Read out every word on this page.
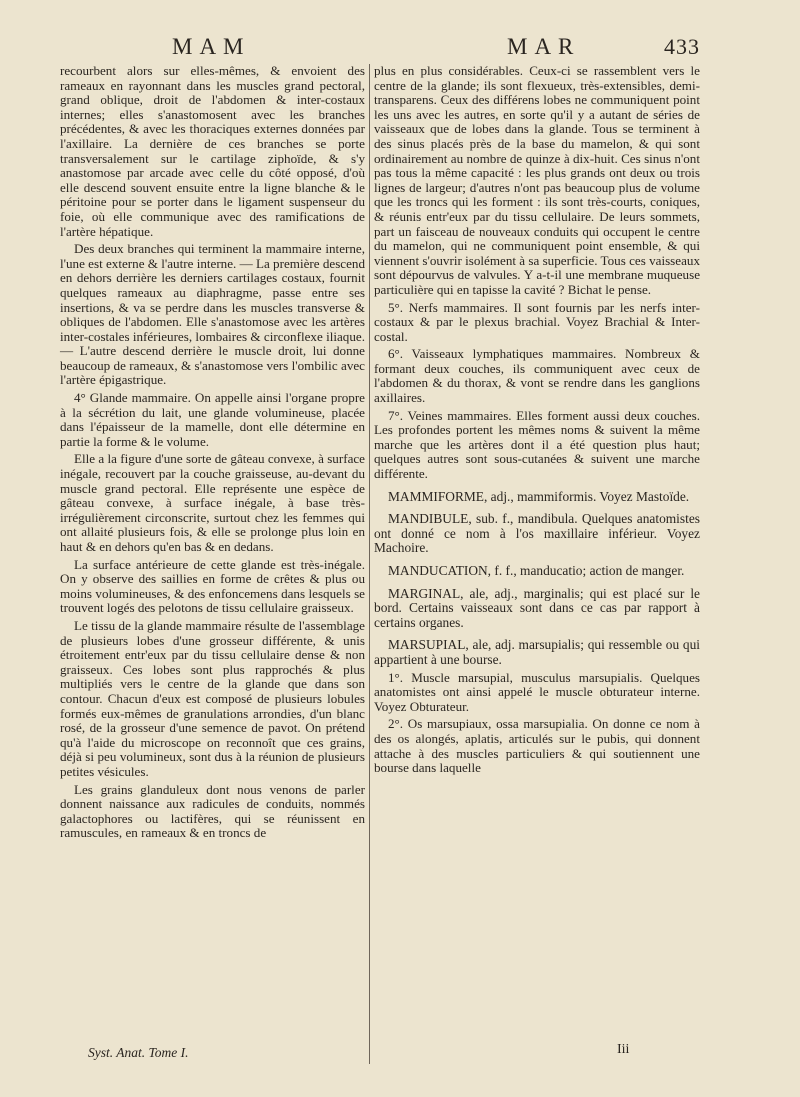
MAM	MAR	433

recourbent alors sur elles-mêmes, & envoient des rameaux en rayonnant dans les muscles grand pectoral, grand oblique, droit de l'abdomen & inter-costaux internes; elles s'anastomosent avec les branches précédentes, & avec les thoraciques externes données par l'axillaire. La dernière de ces branches se porte transversalement sur le cartilage ziphoïde, & s'y anastomose par arcade avec celle du côté opposé, d'où elle descend souvent ensuite entre la ligne blanche & le péritoine pour se porter dans le ligament suspenseur du foie, où elle communique avec des ramifications de l'artère hépatique.

Des deux branches qui terminent la mammaire interne, l'une est externe & l'autre interne. — La première descend en dehors derrière les derniers cartilages costaux, fournit quelques rameaux au diaphragme, passe entre ses insertions, & va se perdre dans les muscles transverse & obliques de l'abdomen. Elle s'anastomose avec les artères inter-costales inférieures, lombaires & circonflexe iliaque. — L'autre descend derrière le muscle droit, lui donne beaucoup de rameaux, & s'anastomose vers l'ombilic avec l'artère épigastrique.

4° Glande mammaire. On appelle ainsi l'organe propre à la sécrétion du lait, une glande volumineuse, placée dans l'épaisseur de la mamelle, dont elle détermine en partie la forme & le volume.

Elle a la figure d'une sorte de gâteau convexe, à surface inégale, recouvert par la couche graisseuse, au-devant du muscle grand pectoral. Elle représente une espèce de gâteau convexe, à surface inégale, à base très-irrégulièrement circonscrite, surtout chez les femmes qui ont allaité plusieurs fois, & elle se prolonge plus loin en haut & en dehors qu'en bas & en dedans.

La surface antérieure de cette glande est très-inégale. On y observe des saillies en forme de crêtes & plus ou moins volumineuses, & des enfoncemens dans lesquels se trouvent logés des pelotons de tissu cellulaire graisseux.

Le tissu de la glande mammaire résulte de l'assemblage de plusieurs lobes d'une grosseur différente, & unis étroitement entr'eux par du tissu cellulaire dense & non graisseux. Ces lobes sont plus rapprochés & plus multipliés vers le centre de la glande que dans son contour. Chacun d'eux est composé de plusieurs lobules formés eux-mêmes de granulations arrondies, d'un blanc rosé, de la grosseur d'une semence de pavot. On prétend qu'à l'aide du microscope on reconnoît que ces grains, déjà si peu volumineux, sont dus à la réunion de plusieurs petites vésicules.

Les grains glanduleux dont nous venons de parler donnent naissance aux radicules de conduits, nommés galactophores ou lactifères, qui se réunissent en ramuscules, en rameaux & en troncs de

plus en plus considérables. Ceux-ci se rassemblent vers le centre de la glande; ils sont flexueux, très-extensibles, demi-transparens. Ceux des différens lobes ne communiquent point les uns avec les autres, en sorte qu'il y a autant de séries de vaisseaux que de lobes dans la glande. Tous se terminent à des sinus placés près de la base du mamelon, & qui sont ordinairement au nombre de quinze à dix-huit. Ces sinus n'ont pas tous la même capacité : les plus grands ont deux ou trois lignes de largeur; d'autres n'ont pas beaucoup plus de volume que les troncs qui les forment : ils sont très-courts, coniques, & réunis entr'eux par du tissu cellulaire. De leurs sommets, part un faisceau de nouveaux conduits qui occupent le centre du mamelon, qui ne communiquent point ensemble, & qui viennent s'ouvrir isolément à sa superficie. Tous ces vaisseaux sont dépourvus de valvules. Y a-t-il une membrane muqueuse particulière qui en tapisse la cavité ? Bichat le pense.

5°. Nerfs mammaires. Il sont fournis par les nerfs inter-costaux & par le plexus brachial. Voyez Brachial & Inter-costal.

6°. Vaisseaux lymphatiques mammaires. Nombreux & formant deux couches, ils communiquent avec ceux de l'abdomen & du thorax, & vont se rendre dans les ganglions axillaires.

7°. Veines mammaires. Elles forment aussi deux couches. Les profondes portent les mêmes noms & suivent la même marche que les artères dont il a été question plus haut; quelques autres sont sous-cutanées & suivent une marche différente.

MAMMIFORME, adj., mammiformis. Voyez Mastoïde.

MANDIBULE, sub. f., mandibula. Quelques anatomistes ont donné ce nom à l'os maxillaire inférieur. Voyez Machoire.

MANDUCATION, f. f., manducatio; action de manger.

MARGINAL, ale, adj., marginalis; qui est placé sur le bord. Certains vaisseaux sont dans ce cas par rapport à certains organes.

MARSUPIAL, ale, adj. marsupialis; qui ressemble ou qui appartient à une bourse.

1°. Muscle marsupial, musculus marsupialis. Quelques anatomistes ont ainsi appelé le muscle obturateur interne. Voyez Obturateur.

2°. Os marsupiaux, ossa marsupialia. On donne ce nom à des os alongés, aplatis, articulés sur le pubis, qui donnent attache à des muscles particuliers & qui soutiennent une bourse dans laquelle

Syst. Anat. Tome I.	Iii
